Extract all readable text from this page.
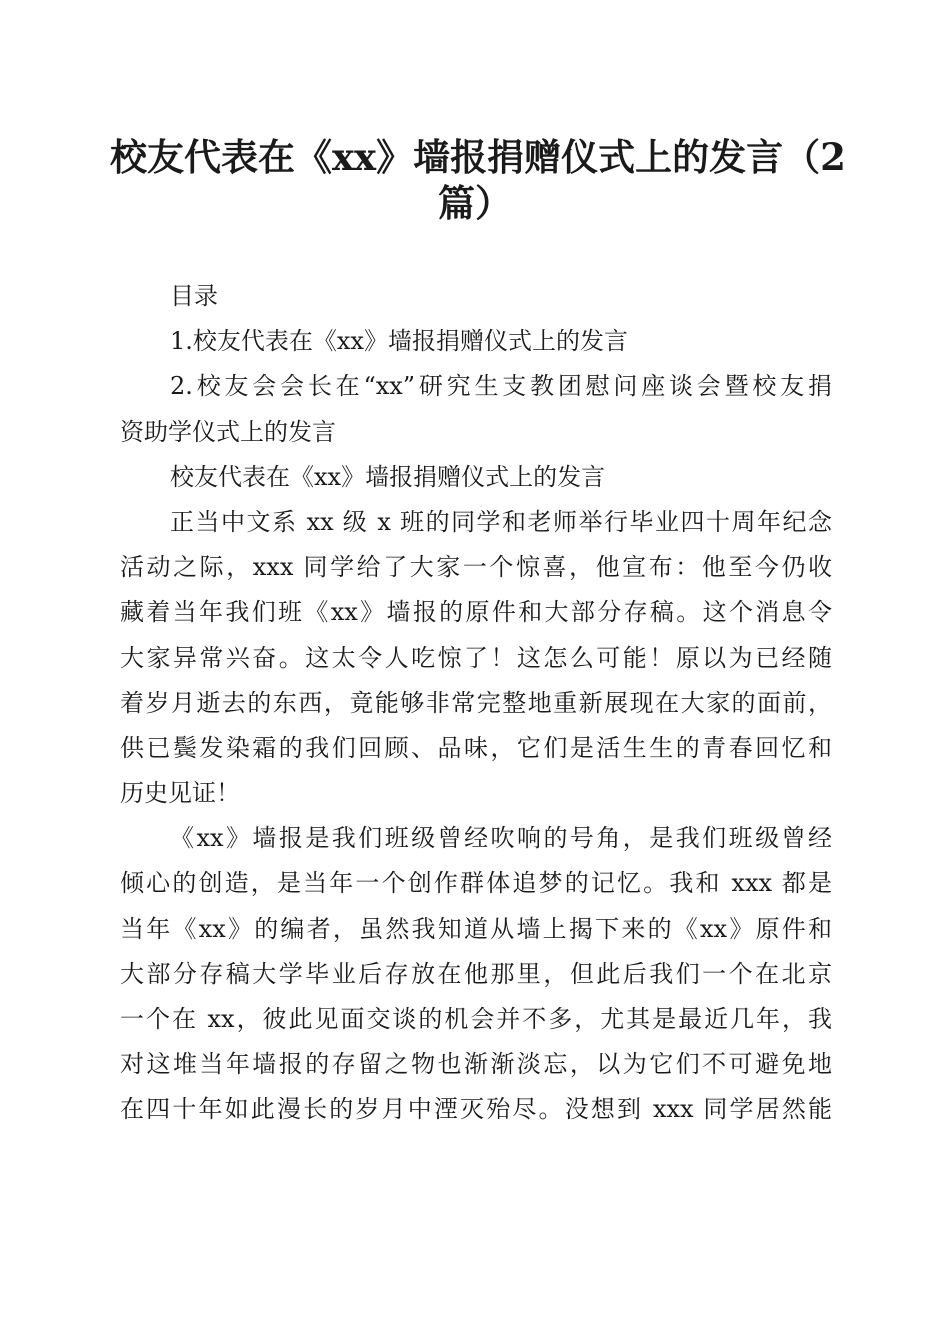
校友代表在《xx》墙报捐赠仪式上的发言（2
篇）
目录
1.校友代表在《xx》墙报捐赠仪式上的发言
2.校友会会长在“xx”研究生支教团慰问座谈会暨校友捐
资助学仪式上的发言
校友代表在《xx》墙报捐赠仪式上的发言
正当中文系 xx 级 x 班的同学和老师举行毕业四十周年纪念
活动之际，xxx 同学给了大家一个惊喜，他宣布：他至今仍收
藏着当年我们班《xx》墙报的原件和大部分存稿。这个消息令
大家异常兴奋。这太令人吃惊了！这怎么可能！原以为已经随
着岁月逝去的东西，竟能够非常完整地重新展现在大家的面前，
供已鬓发染霜的我们回顾、品味，它们是活生生的青春回忆和
历史见证！
《xx》墙报是我们班级曾经吹响的号角，是我们班级曾经
倾心的创造，是当年一个创作群体追梦的记忆。我和 xxx 都是
当年《xx》的编者，虽然我知道从墙上揭下来的《xx》原件和
大部分存稿大学毕业后存放在他那里，但此后我们一个在北京
一个在 xx，彼此见面交谈的机会并不多，尤其是最近几年，我
对这堆当年墙报的存留之物也渐渐淡忘，以为它们不可避免地
在四十年如此漫长的岁月中湮灭殆尽。没想到 xxx 同学居然能
